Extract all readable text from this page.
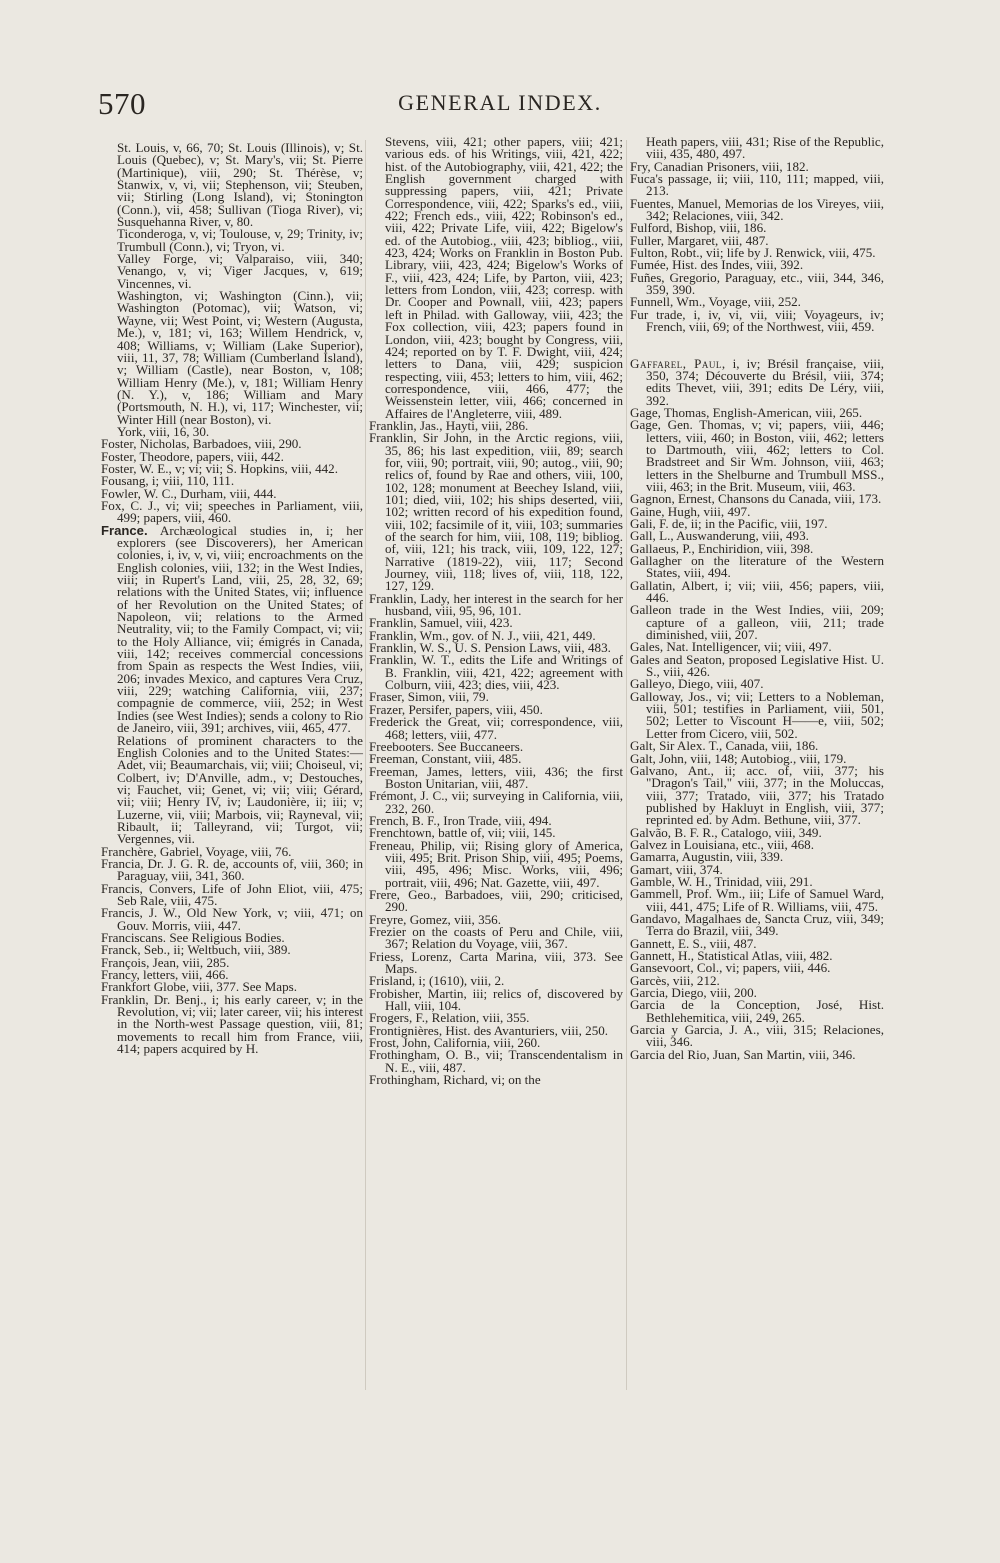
570	GENERAL INDEX.

St. Louis, v, 66, 70; St. Louis (Illinois), v; St. Louis (Quebec), v; St. Mary's, vii; St. Pierre (Martinique), viii, 290; St. Thérèse, v; Stanwix, v, vi, vii; Stephenson, vii; Steuben, vii; Stirling (Long Island), vi; Stonington (Conn.), vii, 458; Sullivan (Tioga River), vi; Susquehanna River, v, 80.

Ticonderoga, v, vi; Toulouse, v, 29; Trinity, iv; Trumbull (Conn.), vi; Tryon, vi.

Valley Forge, vi; Valparaiso, viii, 340; Venango, v, vi; Viger Jacques, v, 619; Vincennes, vi.

Washington, vi; Washington (Cinn.), vii; Washington (Potomac), vii; Watson, vi; Wayne, vii; West Point, vi; Western (Augusta, Me.), v, 181; vi, 163; Willem Hendrick, v, 408; Williams, v; William (Lake Superior), viii, 11, 37, 78; William (Cumberland Island), v; William (Castle), near Boston, v, 108; William Henry (Me.), v, 181; William Henry (N. Y.), v, 186; William and Mary (Portsmouth, N. H.), vi, 117; Winchester, vii; Winter Hill (near Boston), vi.

York, viii, 16, 30.

Foster, Nicholas, Barbadoes, viii, 290.

Foster, Theodore, papers, viii, 442.

Foster, W. E., v; vi; vii; S. Hopkins, viii, 442.

Fousang, i; viii, 110, 111.

Fowler, W. C., Durham, viii, 444.

Fox, C. J., vi; vii; speeches in Parliament, viii, 499; papers, viii, 460.

France. Archæological studies in, i; her explorers (see Discoverers), her American colonies, i, iv, v, vi, viii; encroachments on the English colonies, viii, 132; in the West Indies, viii; in Rupert's Land, viii, 25, 28, 32, 69; relations with the United States, vii; influence of her Revolution on the United States; of Napoleon, vii; relations to the Armed Neutrality, vii; to the Family Compact, vi; vii; to the Holy Alliance, vii; émigrés in Canada, viii, 142; receives commercial concessions from Spain as respects the West Indies, viii, 206; invades Mexico, and captures Vera Cruz, viii, 229; watching California, viii, 237; compagnie de commerce, viii, 252; in West Indies (see West Indies); sends a colony to Rio de Janeiro, viii, 391; archives, viii, 465, 477.

Relations of prominent characters to the English Colonies and to the United States:— Adet, vii; Beaumarchais, vii; viii; Choiseul, vi; Colbert, iv; D'Anville, adm., v; Destouches, vi; Fauchet, vii; Genet, vi; vii; viii; Gérard, vii; viii; Henry IV, iv; Laudonière, ii; iii; v; Luzerne, vii, viii; Marbois, vii; Rayneval, vii; Ribault, ii; Talleyrand, vii; Turgot, vii; Vergennes, vii.

Franchère, Gabriel, Voyage, viii, 76.

Francia, Dr. J. G. R. de, accounts of, viii, 360; in Paraguay, viii, 341, 360.

Francis, Convers, Life of John Eliot, viii, 475; Seb Rale, viii, 475.

Francis, J. W., Old New York, v; viii, 471; on Gouv. Morris, viii, 447.

Franciscans. See Religious Bodies.

Franck, Seb., ii; Weltbuch, viii, 389.

François, Jean, viii, 285.

Francy, letters, viii, 466.

Frankfort Globe, viii, 377. See Maps.

Franklin, Dr. Benj., i; his early career, v; in the Revolution, vi; vii; later career, vii; his interest in the North-west Passage question, viii, 81; movements to recall him from France, viii, 414; papers acquired by H.

Stevens, viii, 421; other papers, viii; 421; various eds. of his Writings, viii, 421, 422; hist. of the Autobiography, viii, 421, 422; the English government charged with suppressing papers, viii, 421; Private Correspondence, viii, 422; Sparks's ed., viii, 422; French eds., viii, 422; Robinson's ed., viii, 422; Private Life, viii, 422; Bigelow's ed. of the Autobiog., viii, 423; bibliog., viii, 423, 424; Works on Franklin in Boston Pub. Library, viii, 423, 424; Bigelow's Works of F., viii, 423, 424; Life, by Parton, viii, 423; letters from London, viii, 423; corresp. with Dr. Cooper and Pownall, viii, 423; papers left in Philad. with Galloway, viii, 423; the Fox collection, viii, 423; papers found in London, viii, 423; bought by Congress, viii, 424; reported on by T. F. Dwight, viii, 424; letters to Dana, viii, 429; suspicion respecting, viii, 453; letters to him, viii, 462; correspondence, viii, 466, 477; the Weissenstein letter, viii, 466; concerned in Affaires de l'Angleterre, viii, 489.

Franklin, Jas., Hayti, viii, 286.

Franklin, Sir John, in the Arctic regions, viii, 35, 86; his last expedition, viii, 89; search for, viii, 90; portrait, viii, 90; autog., viii, 90; relics of, found by Rae and others, viii, 100, 102, 128; monument at Beechey Island, viii, 101; died, viii, 102; his ships deserted, viii, 102; written record of his expedition found, viii, 102; facsimile of it, viii, 103; summaries of the search for him, viii, 108, 119; bibliog. of, viii, 121; his track, viii, 109, 122, 127; Narrative (1819-22), viii, 117; Second Journey, viii, 118; lives of, viii, 118, 122, 127, 129.

Franklin, Lady, her interest in the search for her husband, viii, 95, 96, 101.

Franklin, Samuel, viii, 423.

Franklin, Wm., gov. of N. J., viii, 421, 449.

Franklin, W. S., U. S. Pension Laws, viii, 483.

Franklin, W. T., edits the Life and Writings of B. Franklin, viii, 421, 422; agreement with Colburn, viii, 423; dies, viii, 423.

Fraser, Simon, viii, 79.

Frazer, Persifer, papers, viii, 450.

Frederick the Great, vii; correspondence, viii, 468; letters, viii, 477.

Freebooters. See Buccaneers.

Freeman, Constant, viii, 485.

Freeman, James, letters, viii, 436; the first Boston Unitarian, viii, 487.

Frémont, J. C., vii; surveying in California, viii, 232, 260.

French, B. F., Iron Trade, viii, 494.

Frenchtown, battle of, vii; viii, 145.

Freneau, Philip, vii; Rising glory of America, viii, 495; Brit. Prison Ship, viii, 495; Poems, viii, 495, 496; Misc. Works, viii, 496; portrait, viii, 496; Nat. Gazette, viii, 497.

Frere, Geo., Barbadoes, viii, 290; criticised, 290.

Freyre, Gomez, viii, 356.

Frezier on the coasts of Peru and Chile, viii, 367; Relation du Voyage, viii, 367.

Friess, Lorenz, Carta Marina, viii, 373. See Maps.

Frisland, i; (1610), viii, 2.

Frobisher, Martin, iii; relics of, discovered by Hall, viii, 104.

Frogers, F., Relation, viii, 355.

Frontignières, Hist. des Avanturiers, viii, 250.

Frost, John, California, viii, 260.

Frothingham, O. B., vii; Transcendentalism in N. E., viii, 487.

Frothingham, Richard, vi; on the

Heath papers, viii, 431; Rise of the Republic, viii, 435, 480, 497.

Fry, Canadian Prisoners, viii, 182.

Fuca's passage, ii; viii, 110, 111; mapped, viii, 213.

Fuentes, Manuel, Memorias de los Vireyes, viii, 342; Relaciones, viii, 342.

Fulford, Bishop, viii, 186.

Fuller, Margaret, viii, 487.

Fulton, Robt., vii; life by J. Renwick, viii, 475.

Fumée, Hist. des Indes, viii, 392.

Fuñes, Gregorio, Paraguay, etc., viii, 344, 346, 359, 390.

Funnell, Wm., Voyage, viii, 252.

Fur trade, i, iv, vi, vii, viii; Voyageurs, iv; French, viii, 69; of the Northwest, viii, 459.

Gaffarel, Paul, i, iv; Brésil française, viii, 350, 374; Découverte du Brésil, viii, 374; edits Thevet, viii, 391; edits De Léry, viii, 392.

Gage, Thomas, English-American, viii, 265.

Gage, Gen. Thomas, v; vi; papers, viii, 446; letters, viii, 460; in Boston, viii, 462; letters to Dartmouth, viii, 462; letters to Col. Bradstreet and Sir Wm. Johnson, viii, 463; letters in the Shelburne and Trumbull MSS., viii, 463; in the Brit. Museum, viii, 463.

Gagnon, Ernest, Chansons du Canada, viii, 173.

Gaine, Hugh, viii, 497.

Gali, F. de, ii; in the Pacific, viii, 197.

Gall, L., Auswanderung, viii, 493.

Gallaeus, P., Enchiridion, viii, 398.

Gallagher on the literature of the Western States, viii, 494.

Gallatin, Albert, i; vii; viii, 456; papers, viii, 446.

Galleon trade in the West Indies, viii, 209; capture of a galleon, viii, 211; trade diminished, viii, 207.

Gales, Nat. Intelligencer, vii; viii, 497.

Gales and Seaton, proposed Legislative Hist. U. S., viii, 426.

Galleyo, Diego, viii, 407.

Galloway, Jos., vi; vii; Letters to a Nobleman, viii, 501; testifies in Parliament, viii, 501, 502; Letter to Viscount H——e, viii, 502; Letter from Cicero, viii, 502.

Galt, Sir Alex. T., Canada, viii, 186.

Galt, John, viii, 148; Autobiog., viii, 179.

Galvano, Ant., ii; acc. of, viii, 377; his "Dragon's Tail," viii, 377; in the Moluccas, viii, 377; Tratado, viii, 377; his Tratado published by Hakluyt in English, viii, 377; reprinted ed. by Adm. Bethune, viii, 377.

Galvão, B. F. R., Catalogo, viii, 349.

Galvez in Louisiana, etc., viii, 468.

Gamarra, Augustin, viii, 339.

Gamart, viii, 374.

Gamble, W. H., Trinidad, viii, 291.

Gammell, Prof. Wm., iii; Life of Samuel Ward, viii, 441, 475; Life of R. Williams, viii, 475.

Gandavo, Magalhaes de, Sancta Cruz, viii, 349; Terra do Brazil, viii, 349.

Gannett, E. S., viii, 487.

Gannett, H., Statistical Atlas, viii, 482.

Gansevoort, Col., vi; papers, viii, 446.

Garcès, viii, 212.

Garcia, Diego, viii, 200.

Garcia de la Conception, José, Hist. Bethlehemitica, viii, 249, 265.

Garcia y Garcia, J. A., viii, 315; Relaciones, viii, 346.

Garcia del Rio, Juan, San Martin, viii, 346.
